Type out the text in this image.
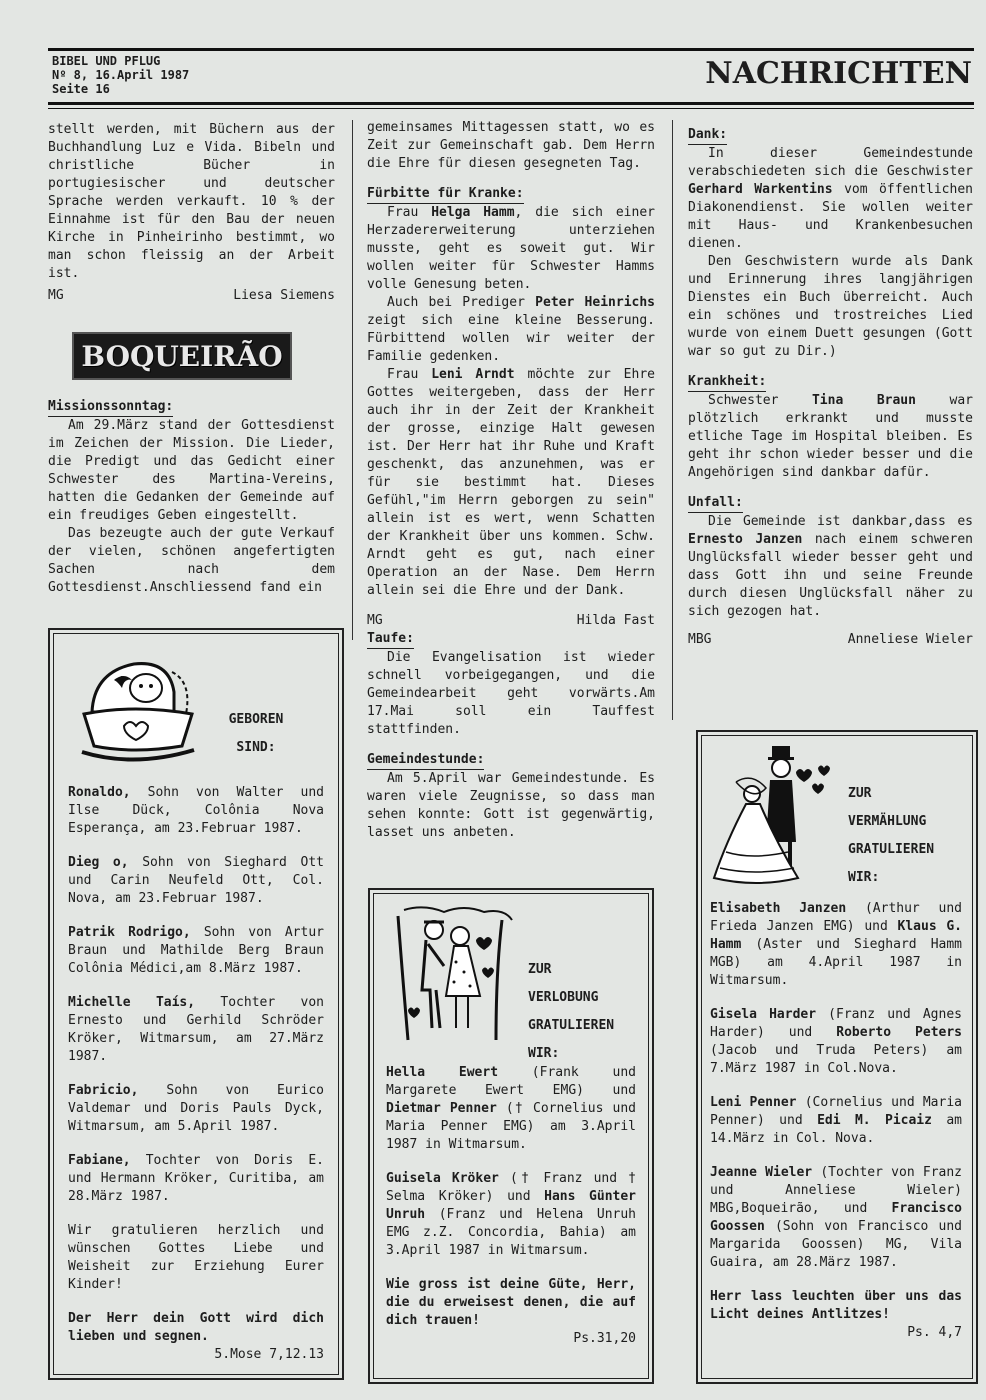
BIBEL UND PFLUG
Nº 8, 16.April 1987
Seite 16	NACHRICHTEN

stellt werden, mit Büchern aus der Buchhandlung Luz e Vida. Bibeln und christliche Bücher in portugiesischer und deutscher Sprache werden verkauft. 10 % der Einnahme ist für den Bau der neuen Kirche in Pinheirinho bestimmt, wo man schon fleissig an der Arbeit ist.

MG	Liesa Siemens
BOQUEIRÃO
Missionssonntag:

Am 29.März stand der Gottesdienst im Zeichen der Mission. Die Lieder, die Predigt und das Gedicht einer Schwester des Martina-Vereins, hatten die Gedanken der Gemeinde auf ein freudiges Geben eingestellt.

Das bezeugte auch der gute Verkauf der vielen, schönen angefertigten Sachen nach dem Gottesdienst.Anschliessend fand ein

GEBOREN
SIND:

Ronaldo, Sohn von Walter und Ilse Dück, Colônia Nova Esperança, am 23.Februar 1987.

Dieg o, Sohn von Sieghard Ott und Carin Neufeld Ott, Col. Nova, am 23.Februar 1987.

Patrik Rodrigo, Sohn von Artur Braun und Mathilde Berg Braun Colônia Médici,am 8.März 1987.

Michelle Taís, Tochter von Ernesto und Gerhild Schröder Kröker, Witmarsum, am 27.März 1987.

Fabricio, Sohn von Eurico Valdemar und Doris Pauls Dyck, Witmarsum, am 5.April 1987.

Fabiane, Tochter von Doris E. und Hermann Kröker, Curitiba, am 28.März 1987.

Wir gratulieren herzlich und wünschen Gottes Liebe und Weisheit zur Erziehung Eurer Kinder!

Der Herr dein Gott wird dich lieben und segnen.

5.Mose 7,12.13

gemeinsames Mittagessen statt, wo es Zeit zur Gemeinschaft gab. Dem Herrn die Ehre für diesen gesegneten Tag.

Fürbitte für Kranke:

Frau Helga Hamm, die sich einer Herzadererweiterung unterziehen musste, geht es soweit gut. Wir wollen weiter für Schwester Hamms volle Genesung beten.

Auch bei Prediger Peter Heinrichs zeigt sich eine kleine Besserung. Fürbittend wollen wir weiter der Familie gedenken.

Frau Leni Arndt möchte zur Ehre Gottes weitergeben, dass der Herr auch ihr in der Zeit der Krankheit der grosse, einzige Halt gewesen ist. Der Herr hat ihr Ruhe und Kraft geschenkt, das anzunehmen, was er für sie bestimmt hat. Dieses Gefühl,"im Herrn geborgen zu sein" allein ist es wert, wenn Schatten der Krankheit über uns kommen. Schw. Arndt geht es gut, nach einer Operation an der Nase. Dem Herrn allein sei die Ehre und der Dank.

MG	Hilda Fast
Taufe:

Die Evangelisation ist wieder schnell vorbeigegangen, und die Gemeindearbeit geht vorwärts.Am 17.Mai soll ein Tauffest stattfinden.

Gemeindestunde:

Am 5.April war Gemeindestunde. Es waren viele Zeugnisse, so dass man sehen konnte: Gott ist gegenwärtig, lasset uns anbeten.

ZUR
VERLOBUNG
GRATULIEREN
WIR:

Hella Ewert (Frank und Margarete Ewert EMG) und Dietmar Penner († Cornelius und Maria Penner EMG) am 3.April 1987 in Witmarsum.

Guisela Kröker († Franz und † Selma Kröker) und Hans Günter Unruh (Franz und Helena Unruh EMG z.Z. Concordia, Bahia) am 3.April 1987 in Witmarsum.

Wie gross ist deine Güte, Herr, die du erweisest denen, die auf dich trauen!

Ps.31,20
Dank:

In dieser Gemeindestunde verabschiedeten sich die Geschwister Gerhard Warkentins vom öffentlichen Diakonendienst. Sie wollen weiter mit Haus- und Krankenbesuchen dienen.

Den Geschwistern wurde als Dank und Erinnerung ihres langjährigen Dienstes ein Buch überreicht. Auch ein schönes und trostreiches Lied wurde von einem Duett gesungen (Gott war so gut zu Dir.)

Krankheit:

Schwester Tina Braun war plötzlich erkrankt und musste etliche Tage im Hospital bleiben. Es geht ihr schon wieder besser und die Angehörigen sind dankbar dafür.

Unfall:

Die Gemeinde ist dankbar,dass es Ernesto Janzen nach einem schweren Unglücksfall wieder besser geht und dass Gott ihn und seine Freunde durch diesen Unglücksfall näher zu sich gezogen hat.

MBG	Anneliese Wieler
ZUR
VERMÄHLUNG
GRATULIEREN
WIR:

Elisabeth Janzen (Arthur und Frieda Janzen EMG) und Klaus G. Hamm (Aster und Sieghard Hamm MGB) am 4.April 1987 in Witmarsum.

Gisela Harder (Franz und Agnes Harder) und Roberto Peters (Jacob und Truda Peters) am 7.März 1987 in Col.Nova.

Leni Penner (Cornelius und Maria Penner) und Edi M. Picaiz am 14.März in Col. Nova.

Jeanne Wieler (Tochter von Franz und Anneliese Wieler) MBG,Boqueirão, und Francisco Goossen (Sohn von Francisco und Margarida Goossen) MG, Vila Guaira, am 28.März 1987.

Herr lass leuchten über uns das Licht deines Antlitzes!

Ps. 4,7
